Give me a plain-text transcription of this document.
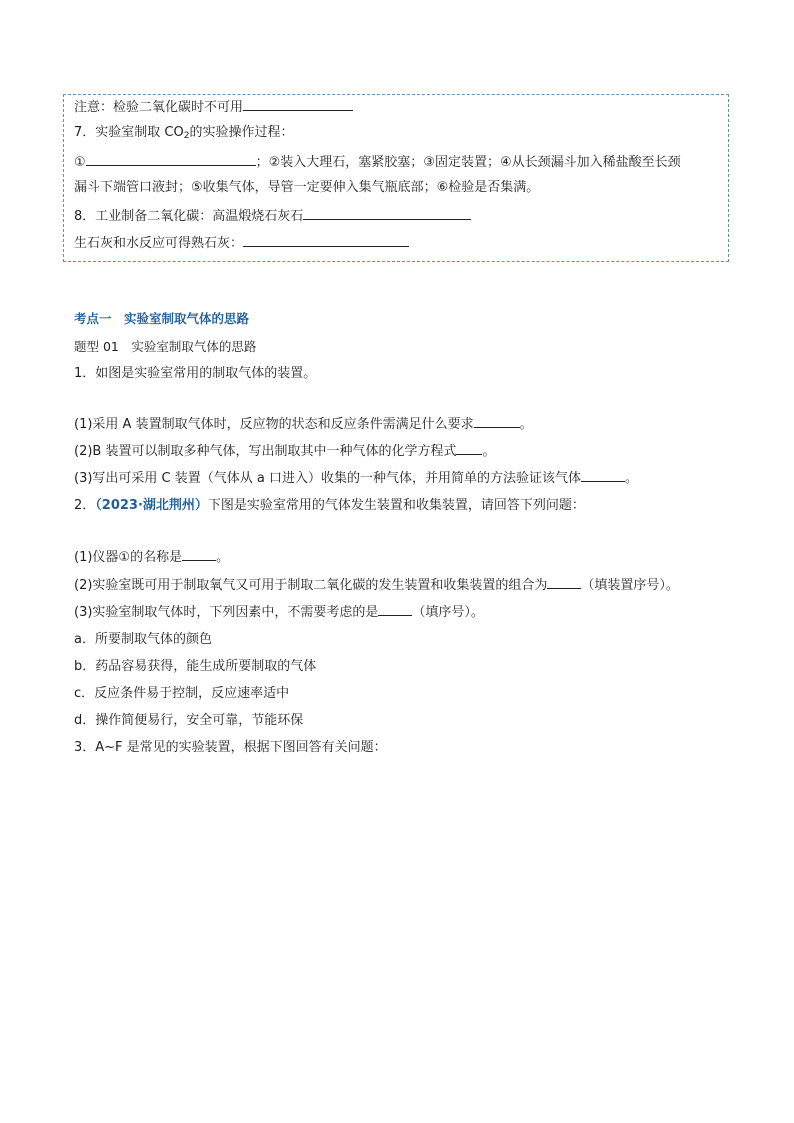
注意：检验二氧化碳时不可用
7．实验室制取 $CO_2$的实验操作过程：
①	；②装入大理石，塞紧胶塞；③固定装置；④从长颈漏斗加入稀盐酸至长颈
漏斗下端管口液封；⑤收集气体，导管一定要伸入集气瓶底部；⑥检验是否集满。
8．工业制备二氧化碳：高温煅烧石灰石
生石灰和水反应可得熟石灰：
考点一　实验室制取气体的思路
题型 01　实验室制取气体的思路
1．如图是实验室常用的制取气体的装置。
(1)采用 A 装置制取气体时，反应物的状态和反应条件需满足什么要求	。
(2)B 装置可以制取多种气体，写出制取其中一种气体的化学方程式 。
(3)写出可采用 C 装置（气体从 a 口进入）收集的一种气体，并用简单的方法验证该气体	。
2．（2023·湖北荆州）下图是实验室常用的气体发生装置和收集装置，请回答下列问题：
(1)仪器①的名称是	。
(2)实验室既可用于制取氧气又可用于制取二氧化碳的发生装置和收集装置的组合为	（填装置序号）。
(3)实验室制取气体时，下列因素中，不需要考虑的是	（填序号）。
a．所要制取气体的颜色
b．药品容易获得，能生成所要制取的气体
c．反应条件易于控制，反应速率适中
d．操作简便易行，安全可靠，节能环保
3．A~F 是常见的实验装置，根据下图回答有关问题：
